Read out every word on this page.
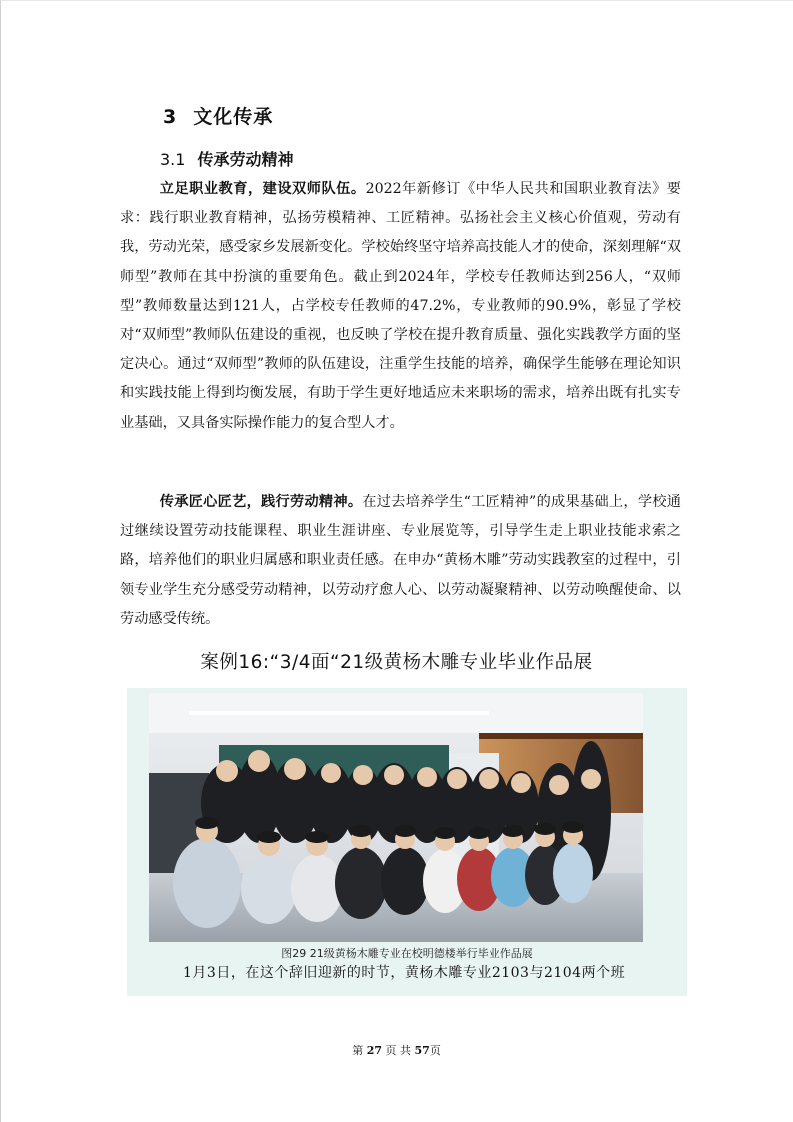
3 文化传承
3.1 传承劳动精神
立足职业教育，建设双师队伍。2022年新修订《中华人民共和国职业教育法》要求：践行职业教育精神，弘扬劳模精神、工匠精神。弘扬社会主义核心价值观，劳动有我，劳动光荣，感受家乡发展新变化。学校始终坚守培养高技能人才的使命，深刻理解“双师型”教师在其中扮演的重要角色。截止到2024年，学校专任教师达到256人，“双师型”教师数量达到121人，占学校专任教师的47.2%，专业教师的90.9%，彰显了学校对“双师型”教师队伍建设的重视，也反映了学校在提升教育质量、强化实践教学方面的坚定决心。通过“双师型”教师的队伍建设，注重学生技能的培养，确保学生能够在理论知识和实践技能上得到均衡发展，有助于学生更好地适应未来职场的需求，培养出既有扎实专业基础，又具备实际操作能力的复合型人才。
传承匠心匠艺，践行劳动精神。在过去培养学生“工匠精神”的成果基础上，学校通过继续设置劳动技能课程、职业生涯讲座、专业展览等，引导学生走上职业技能求索之路，培养他们的职业归属感和职业责任感。在申办“黄杨木雕”劳动实践教室的过程中，引领专业学生充分感受劳动精神，以劳动疗愈人心、以劳动凝聚精神、以劳动唤醒使命、以劳动感受传统。
案例16:“3/4面“21级黄杨木雕专业毕业作品展
图29 21级黄杨木雕专业在校明德楼举行毕业作品展
1月3日，在这个辞旧迎新的时节，黄杨木雕专业2103与2104两个班
第 27 页 共 57页
